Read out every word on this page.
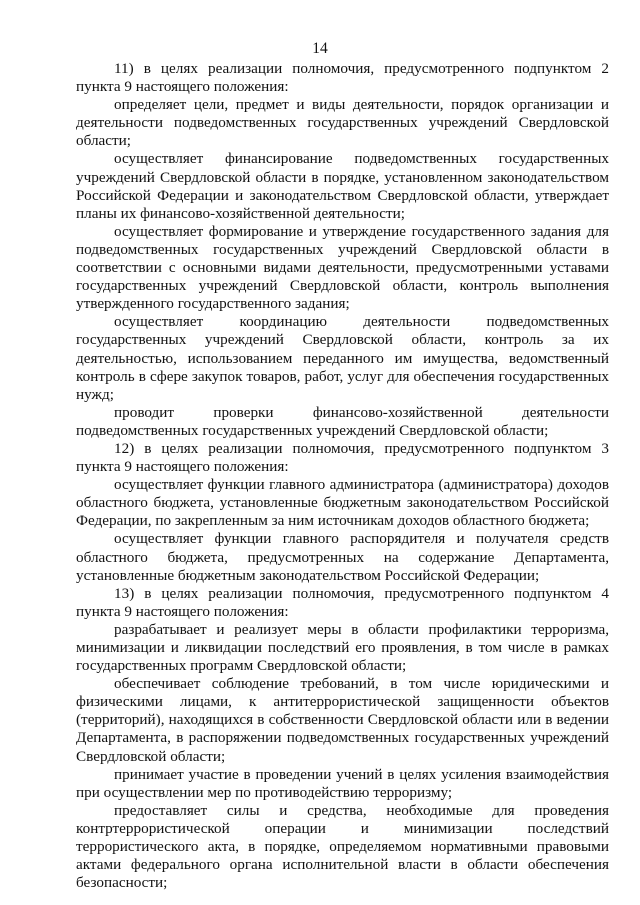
14

11) в целях реализации полномочия, предусмотренного подпунктом 2 пункта 9 настоящего положения:

определяет цели, предмет и виды деятельности, порядок организации и деятельности подведомственных государственных учреждений Свердловской области;

осуществляет финансирование подведомственных государственных учреждений Свердловской области в порядке, установленном законодательством Российской Федерации и законодательством Свердловской области, утверждает планы их финансово-хозяйственной деятельности;

осуществляет формирование и утверждение государственного задания для подведомственных государственных учреждений Свердловской области в соответствии с основными видами деятельности, предусмотренными уставами государственных учреждений Свердловской области, контроль выполнения утвержденного государственного задания;

осуществляет координацию деятельности подведомственных государственных учреждений Свердловской области, контроль за их деятельностью, использованием переданного им имущества, ведомственный контроль в сфере закупок товаров, работ, услуг для обеспечения государственных нужд;

проводит проверки финансово-хозяйственной деятельности подведомственных государственных учреждений Свердловской области;

12) в целях реализации полномочия, предусмотренного подпунктом 3 пункта 9 настоящего положения:

осуществляет функции главного администратора (администратора) доходов областного бюджета, установленные бюджетным законодательством Российской Федерации, по закрепленным за ним источникам доходов областного бюджета;

осуществляет функции главного распорядителя и получателя средств областного бюджета, предусмотренных на содержание Департамента, установленные бюджетным законодательством Российской Федерации;

13) в целях реализации полномочия, предусмотренного подпунктом 4 пункта 9 настоящего положения:

разрабатывает и реализует меры в области профилактики терроризма, минимизации и ликвидации последствий его проявления, в том числе в рамках государственных программ Свердловской области;

обеспечивает соблюдение требований, в том числе юридическими и физическими лицами, к антитеррористической защищенности объектов (территорий), находящихся в собственности Свердловской области или в ведении Департамента, в распоряжении подведомственных государственных учреждений Свердловской области;

принимает участие в проведении учений в целях усиления взаимодействия при осуществлении мер по противодействию терроризму;

предоставляет силы и средства, необходимые для проведения контртеррористической операции и минимизации последствий террористического акта, в порядке, определяемом нормативными правовыми актами федерального органа исполнительной власти в области обеспечения безопасности;
